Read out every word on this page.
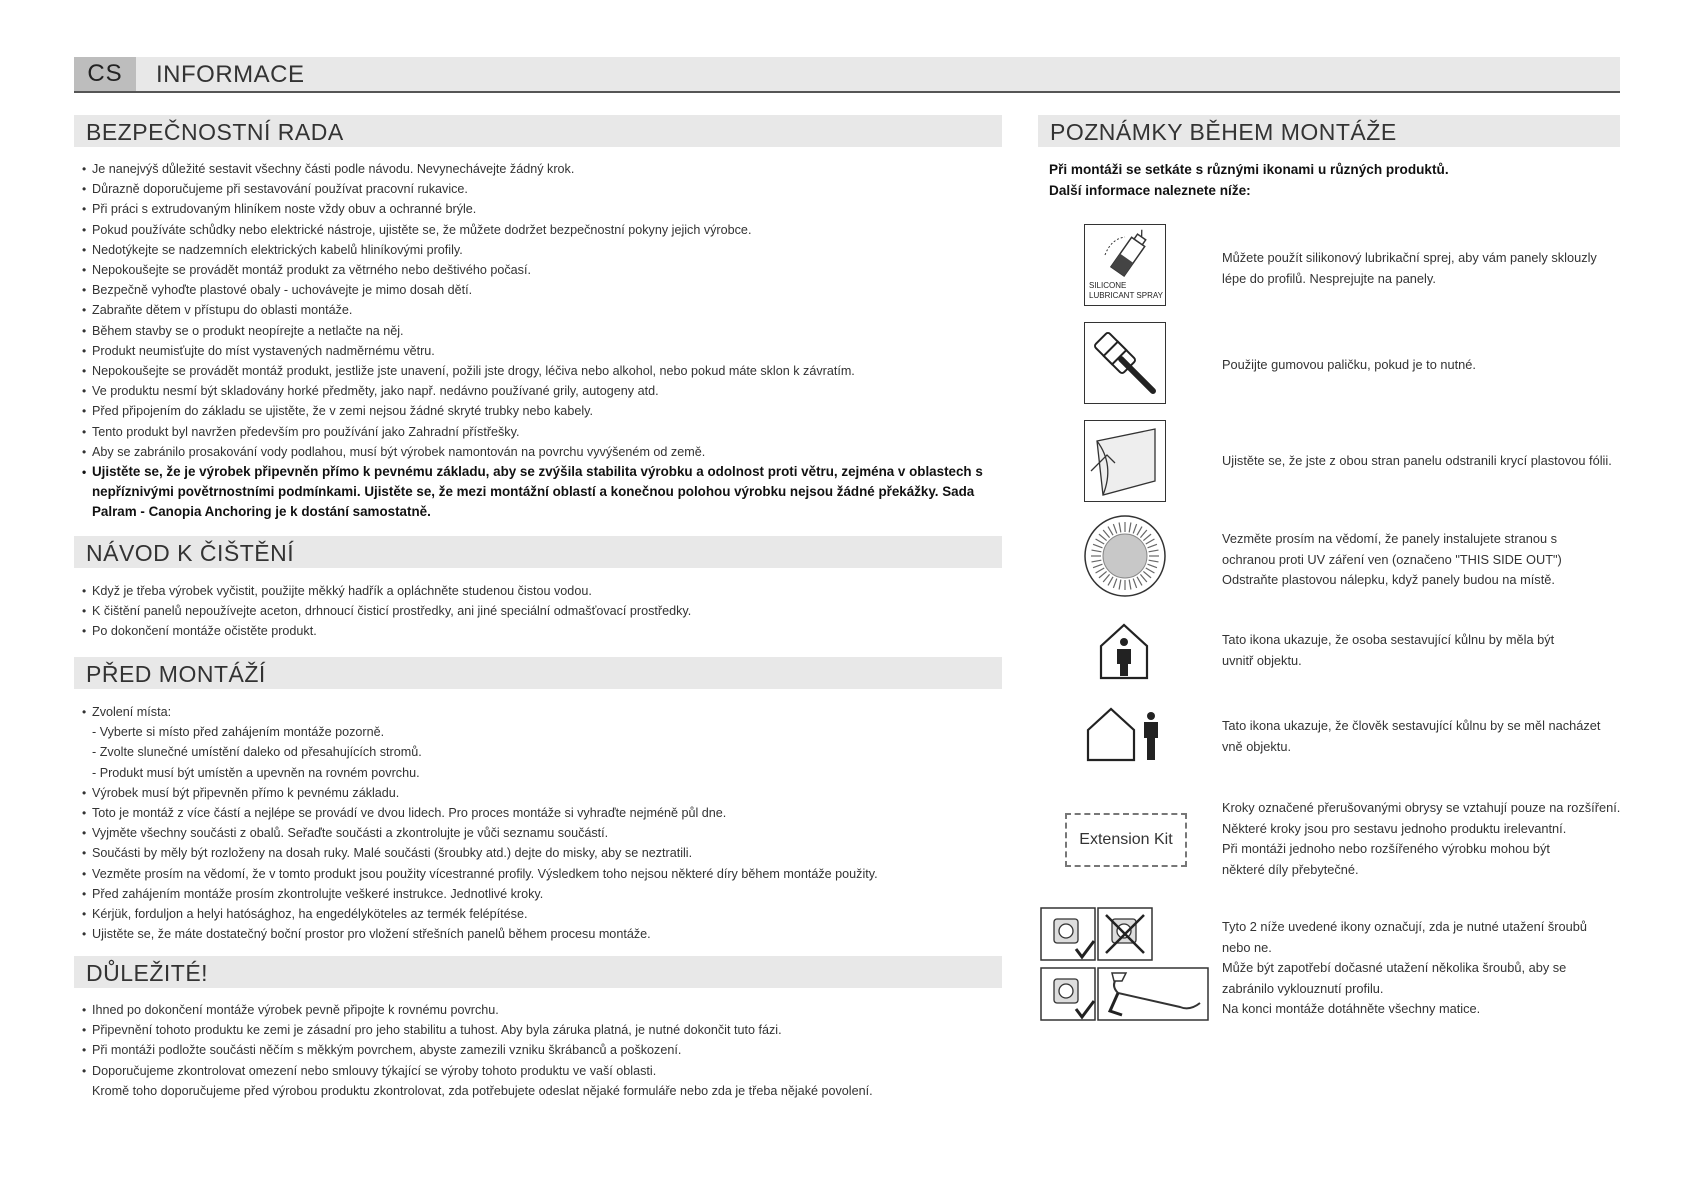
CS	INFORMACE
BEZPEČNOSTNÍ RADA
• Je nanejvýš důležité sestavit všechny části podle návodu. Nevynechávejte žádný krok.
• Důrazně doporučujeme při sestavování používat pracovní rukavice.
• Při práci s extrudovaným hliníkem noste vždy obuv a ochranné brýle.
• Pokud používáte schůdky nebo elektrické nástroje, ujistěte se, že můžete dodržet bezpečnostní pokyny jejich výrobce.
• Nedotýkejte se nadzemních elektrických kabelů hliníkovými profily.
• Nepokoušejte se provádět montáž produkt za větrného nebo deštivého počasí.
• Bezpečně vyhoďte plastové obaly - uchovávejte je mimo dosah dětí.
• Zabraňte dětem v přístupu do oblasti montáže.
• Během stavby se o produkt neopírejte a netlačte na něj.
• Produkt neumisťujte do míst vystavených nadměrnému větru.
• Nepokoušejte se provádět montáž produkt, jestliže jste unavení, požili jste drogy, léčiva nebo alkohol, nebo pokud máte sklon k závratím.
• Ve produktu nesmí být skladovány horké předměty, jako např. nedávno používané grily, autogeny atd.
• Před připojením do základu se ujistěte, že v zemi nejsou žádné skryté trubky nebo kabely.
• Tento produkt byl navržen především pro používání jako Zahradní přístřešky.
• Aby se zabránilo prosakování vody podlahou, musí být výrobek namontován na povrchu vyvýšeném od země.
• Ujistěte se, že je výrobek připevněn přímo k pevnému základu, aby se zvýšila stabilita výrobku a odolnost proti větru, zejména v oblastech s nepříznivými povětrnostními podmínkami. Ujistěte se, že mezi montážní oblastí a konečnou polohou výrobku nejsou žádné překážky. Sada Palram - Canopia Anchoring je k dostání samostatně.
NÁVOD K ČIŠTĚNÍ
• Když je třeba výrobek vyčistit, použijte měkký hadřík a opláchněte studenou čistou vodou.
• K čištění panelů nepoužívejte aceton, drhnoucí čisticí prostředky, ani jiné speciální odmašťovací prostředky.
• Po dokončení montáže očistěte produkt.
PŘED MONTÁŽÍ
• Zvolení místa:
- Vyberte si místo před zahájením montáže pozorně.
- Zvolte slunečné umístění daleko od přesahujících stromů.
- Produkt musí být umístěn a upevněn na rovném povrchu.
• Výrobek musí být připevněn přímo k pevnému základu.
• Toto je montáž z více částí a nejlépe se provádí ve dvou lidech. Pro proces montáže si vyhraďte nejméně půl dne.
• Vyjměte všechny součásti z obalů. Seřaďte součásti a zkontrolujte je vůči seznamu součástí.
• Součásti by měly být rozloženy na dosah ruky. Malé součásti (šroubky atd.) dejte do misky, aby se neztratili.
• Vezměte prosím na vědomí, že v tomto produkt jsou použity vícestranné profily. Výsledkem toho nejsou některé díry během montáže použity.
• Před zahájením montáže prosím zkontrolujte veškeré instrukce. Jednotlivé kroky.
• Kérjük, fordulјon a helyi hatósághoz, ha engedélyköteles az termék felépítése.
• Ujistěte se, že máte dostatečný boční prostor pro vložení střešních panelů během procesu montáže.
DŮLEŽITÉ!
• Ihned po dokončení montáže výrobek pevně připojte k rovnému povrchu.
• Připevnění tohoto produktu ke zemi je zásadní pro jeho stabilitu a tuhost. Aby byla záruka platná, je nutné dokončit tuto fázi.
• Při montáži podložte součásti něčím s měkkým povrchem, abyste zamezili vzniku škrábanců a poškození.
• Doporučujeme zkontrolovat omezení nebo smlouvy týkající se výroby tohoto produktu ve vaší oblasti.
Kromě toho doporučujeme před výrobou produktu zkontrolovat, zda potřebujete odeslat nějaké formuláře nebo zda je třeba nějaké povolení.
POZNÁMKY BĚHEM MONTÁŽE
Při montáži se setkáte s různými ikonami u různých produktů.
Další informace naleznete níže:
SILICONE
LUBRICANT SPRAY

Můžete použít silikonový lubrikační sprej, aby vám panely sklouzly

lépe do profilů. Nesprejujte na panely.

Použijte gumovou paličku, pokud je to nutné.

Ujistěte se, že jste z obou stran panelu odstranili krycí plastovou fólii.

Vezměte prosím na vědomí, že panely instalujete stranou s

ochranou proti UV záření ven (označeno "THIS SIDE OUT")

Odstraňte plastovou nálepku, když panely budou na místě.

Tato ikona ukazuje, že osoba sestavující kůlnu by měla být

uvnitř objektu.

Tato ikona ukazuje, že člověk sestavující kůlnu by se měl nacházet

vně objektu.

Extension Kit

Kroky označené přerušovanými obrysy se vztahují pouze na rozšíření.

Některé kroky jsou pro sestavu jednoho produktu irelevantní.

Při montáži jednoho nebo rozšířeného výrobku mohou být

některé díly přebytečné.

Tyto 2 níže uvedené ikony označují, zda je nutné utažení šroubů

nebo ne.

Může být zapotřebí dočasné utažení několika šroubů, aby se

zabránilo vyklouznutí profilu.

Na konci montáže dotáhněte všechny matice.
